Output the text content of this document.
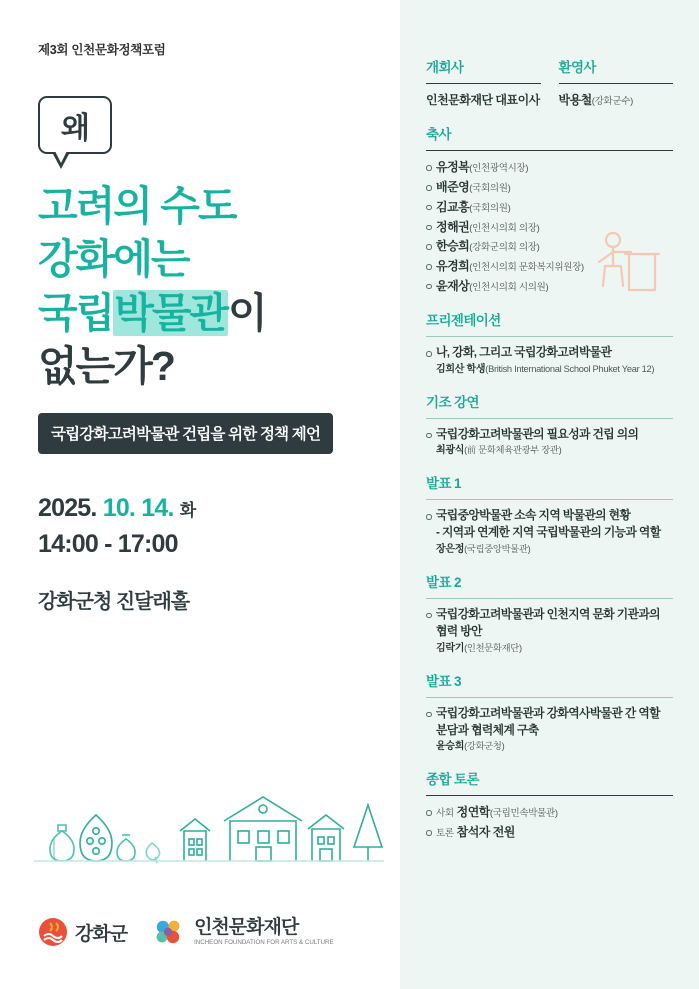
제3회 인천문화정책포럼
왜
고려의 수도
강화에는
국립박물관이
없는가?
국립강화고려박물관 건립을 위한 정책 제언
2025. 10. 14. 화
14:00 - 17:00
강화군청 진달래홀
강화군	인천문화재단
INCHEON FOUNDATION FOR ARTS & CULTURE
개회사
인천문화재단 대표이사
환영사
박용철(강화군수)
축사
유정복(인천광역시장)
배준영(국회의원)
김교흥(국회의원)
정해권(인천시의회 의장)
한승희(강화군의회 의장)
유경희(인천시의회 문화복지위원장)
윤재상(인천시의회 시의원)
프리젠테이션
나, 강화, 그리고 국립강화고려박물관
김희산 학생(British International School Phuket Year 12)
기조 강연
국립강화고려박물관의 필요성과 건립 의의
최광식(前 문화체육관광부 장관)
발표 1
국립중앙박물관 소속 지역 박물관의 현황
- 지역과 연계한 지역 국립박물관의 기능과 역할
장은정(국립중앙박물관)
발표 2
국립강화고려박물관과 인천지역 문화 기관과의
협력 방안
김락기(인천문화재단)
발표 3
국립강화고려박물관과 강화역사박물관 간 역할
분담과 협력체계 구축
윤승희(강화군청)
종합 토론
사회 정연학(국립민속박물관)
토론 참석자 전원
